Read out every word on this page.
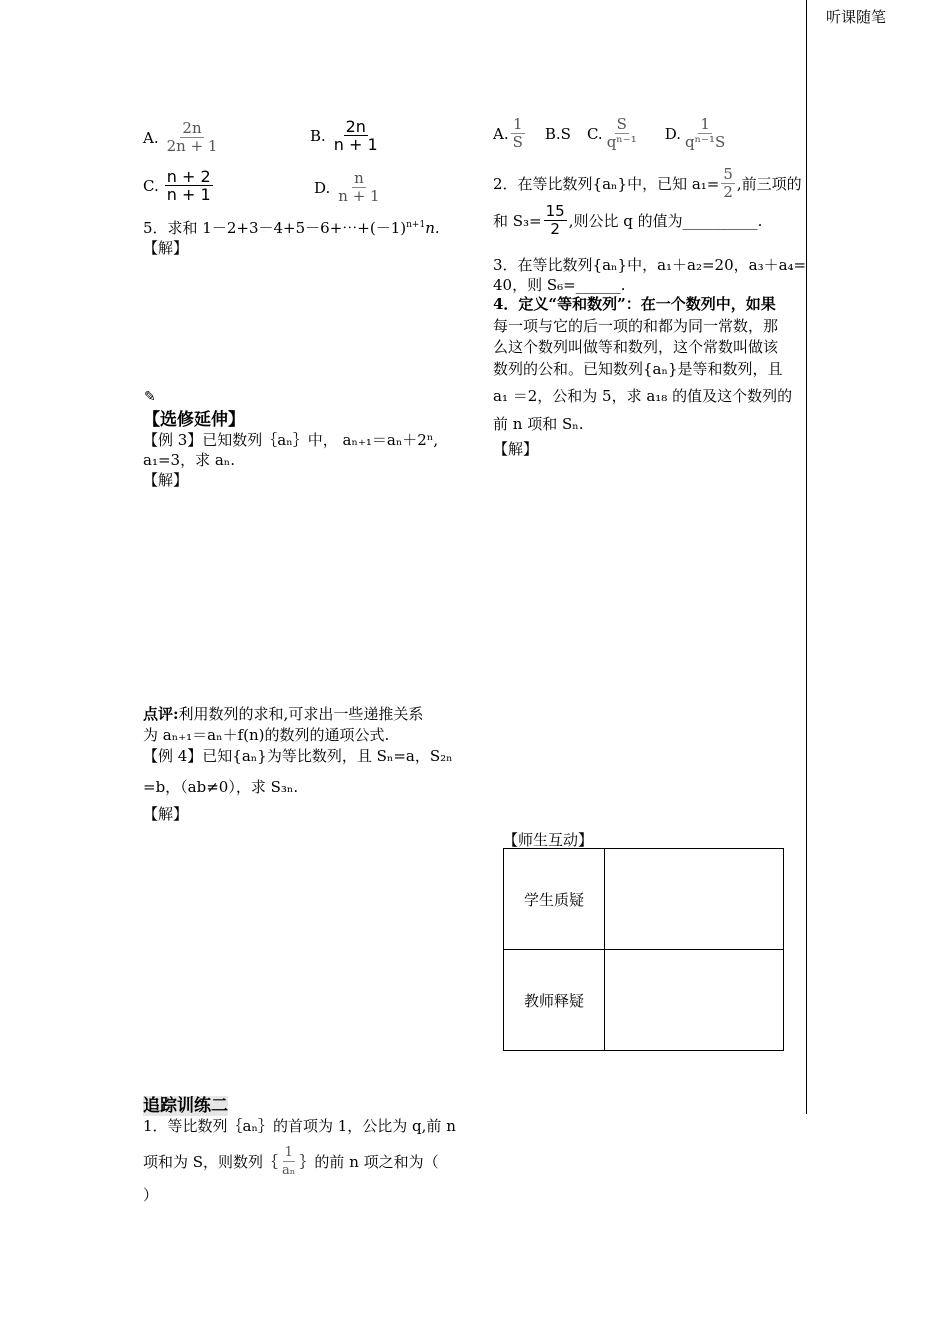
听课随笔
A. $\frac{2n}{2n + 1}$	B. $\frac{2n}{n + 1}$
C. $\frac{n + 2}{n + 1}$	D. $\frac{n}{n + 1}$
5．求和 $1-2+3-4+5-6+\cdots+(-1)^{n+1}n$.
【解】
✎
【选修延伸】
【例 3】已知数列｛aₙ｝中， aₙ₊₁＝aₙ＋2ⁿ,
a₁=3，求 aₙ.
【解】
点评:利用数列的求和,可求出一些递推关系
为 aₙ₊₁＝aₙ＋f(n)的数列的通项公式.
【例 4】已知{aₙ}为等比数列，且 Sₙ=a，S₂ₙ
=b，（ab≠0），求 S₃ₙ.
【解】
追踪训练二
1．等比数列｛aₙ｝的首项为 1，公比为 q,前 n
项和为 S，则数列｛ $\frac{1}{\text{aₙ}}$ ｝的前 n 项之和为（
）
A. $\frac{1}{S} B.S$ C. $\frac{S}{\text{qⁿ⁻¹}} D$. $\frac{1}{\text{qⁿ⁻¹S}}$
2．在等比数列{aₙ}中，已知 $a_1= \frac{5}{2}$ ,前三项的
和 $S_3= \frac{15}{2}$ ,则公比 q 的值为__________.
3．在等比数列{aₙ}中，a₁＋a₂=20，a₃＋a₄=
40，则 S₆=______.
4．定义“等和数列”：在一个数列中，如果
每一项与它的后一项的和都为同一常数，那
么这个数列叫做等和数列，这个常数叫做该
数列的公和。已知数列{aₙ}是等和数列，且
a₁ ＝2，公和为 5，求 a₁₈ 的值及这个数列的
前 n 项和 Sₙ.
【解】
【师生互动】
学生质疑	
教师释疑	
